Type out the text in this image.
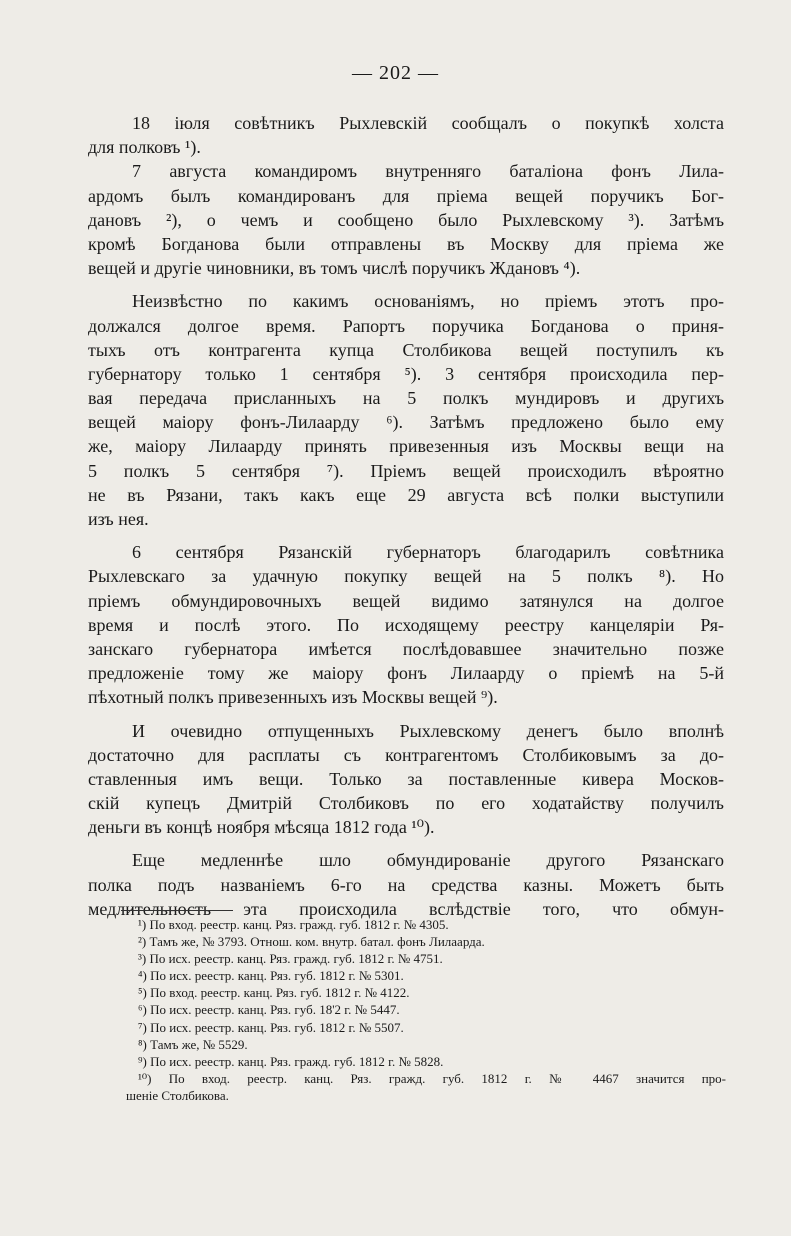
— 202 —
18 іюля совѣтникъ Рыхлевскій сообщалъ о покупкѣ холста
для полковъ ¹).
7 августа командиромъ внутренняго баталіона фонъ Лила-
ардомъ былъ командированъ для пріема вещей поручикъ Бог-
дановъ ²), о чемъ и сообщено было Рыхлевскому ³). Затѣмъ
кромѣ Богданова были отправлены въ Москву для пріема же
вещей и другіе чиновники, въ томъ числѣ поручикъ Ждановъ ⁴).
Неизвѣстно по какимъ основаніямъ, но пріемъ этотъ про-
должался долгое время. Рапортъ поручика Богданова о приня-
тыхъ отъ контрагента купца Столбикова вещей поступилъ къ
губернатору только 1 сентября ⁵). 3 сентября происходила пер-
вая передача присланныхъ на 5 полкъ мундировъ и другихъ
вещей маіору фонъ-Лилаарду ⁶). Затѣмъ предложено было ему
же, маіору Лилаарду принять привезенныя изъ Москвы вещи на
5 полкъ 5 сентября ⁷). Пріемъ вещей происходилъ вѣроятно
не въ Рязани, такъ какъ еще 29 августа всѣ полки выступили
изъ нея.
6 сентября Рязанскій губернаторъ благодарилъ совѣтника
Рыхлевскаго за удачную покупку вещей на 5 полкъ ⁸). Но
пріемъ обмундировочныхъ вещей видимо затянулся на долгое
время и послѣ этого. По исходящему реестру канцеляріи Ря-
занскаго губернатора имѣется послѣдовавшее значительно позже
предложеніе тому же маіору фонъ Лилаарду о пріемѣ на 5-й
пѣхотный полкъ привезенныхъ изъ Москвы вещей ⁹).
И очевидно отпущенныхъ Рыхлевскому денегъ было вполнѣ
достаточно для расплаты съ контрагентомъ Столбиковымъ за до-
ставленныя имъ вещи. Только за поставленные кивера Москов-
скій купецъ Дмитрій Столбиковъ по его ходатайству получилъ
деньги въ концѣ ноября мѣсяца 1812 года ¹⁰).
Еще медленнѣе шло обмундированіе другого Рязанскаго
полка подъ названіемъ 6-го на средства казны. Можетъ быть
медлительность эта происходила вслѣдствіе того, что обмун-
¹) По вход. реестр. канц. Ряз. гражд. губ. 1812 г. № 4305.
²) Тамъ же, № 3793. Отнош. ком. внутр. батал. фонъ Лилаарда.
³) По исх. реестр. канц. Ряз. гражд. губ. 1812 г. № 4751.
⁴) По исх. реестр. канц. Ряз. губ. 1812 г. № 5301.
⁵) По вход. реестр. канц. Ряз. губ. 1812 г. № 4122.
⁶) По исх. реестр. канц. Ряз. губ. 18'2 г. № 5447.
⁷) По исх. реестр. канц. Ряз. губ. 1812 г. № 5507.
⁸) Тамъ же, № 5529.
⁹) По исх. реестр. канц. Ряз. гражд. губ. 1812 г. № 5828.
¹⁰) По вход. реестр. канц. Ряз. гражд. губ. 1812 г. № 4467 значится про-
шеніе Столбикова.
